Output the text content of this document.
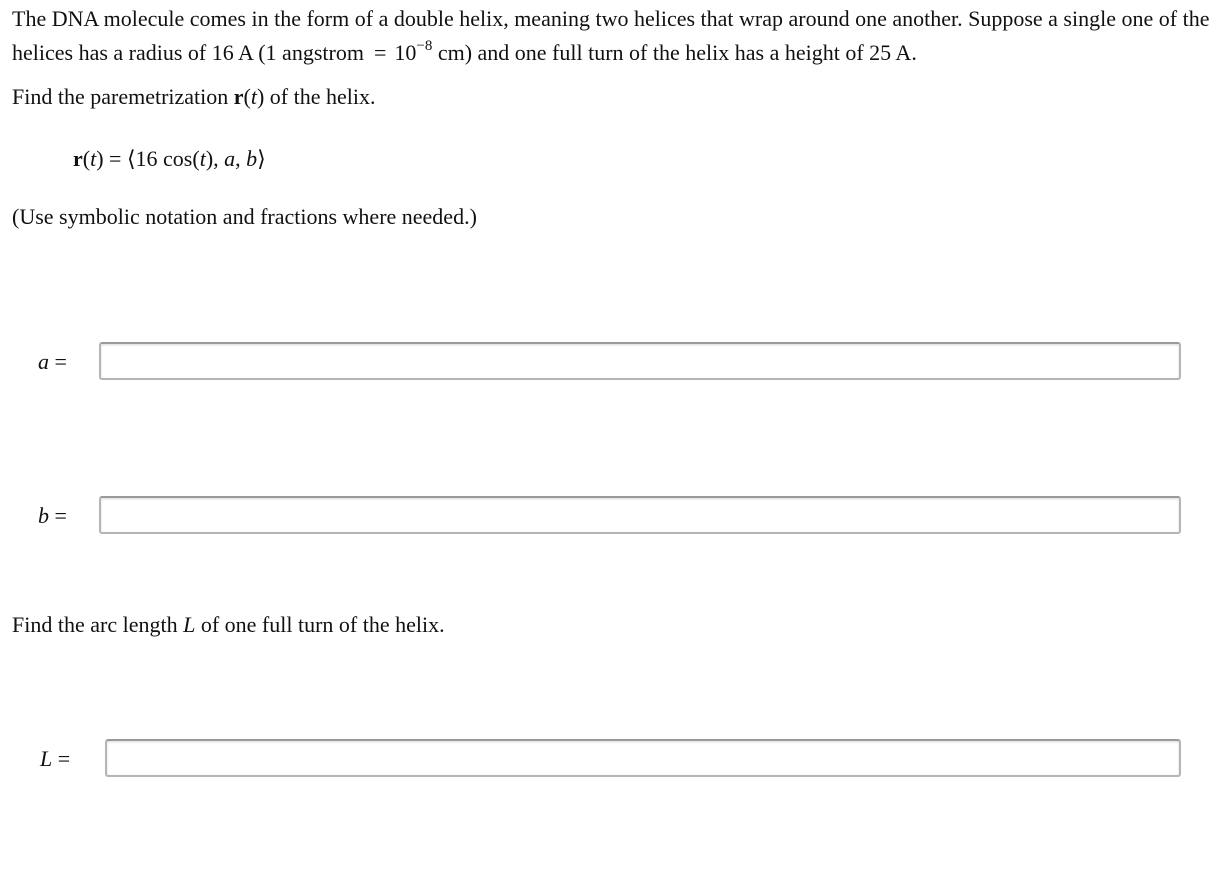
The DNA molecule comes in the form of a double helix, meaning two helices that wrap around one another. Suppose a single one of the helices has a radius of 16 A (1 angstrom = $10^{-8}$ cm) and one full turn of the helix has a height of 25 A.

Find the paremetrization r(t) of the helix.

r(t) = ⟨16 cos(t), a, b⟩

(Use symbolic notation and fractions where needed.)

a =
b =

Find the arc length L of one full turn of the helix.

L =
